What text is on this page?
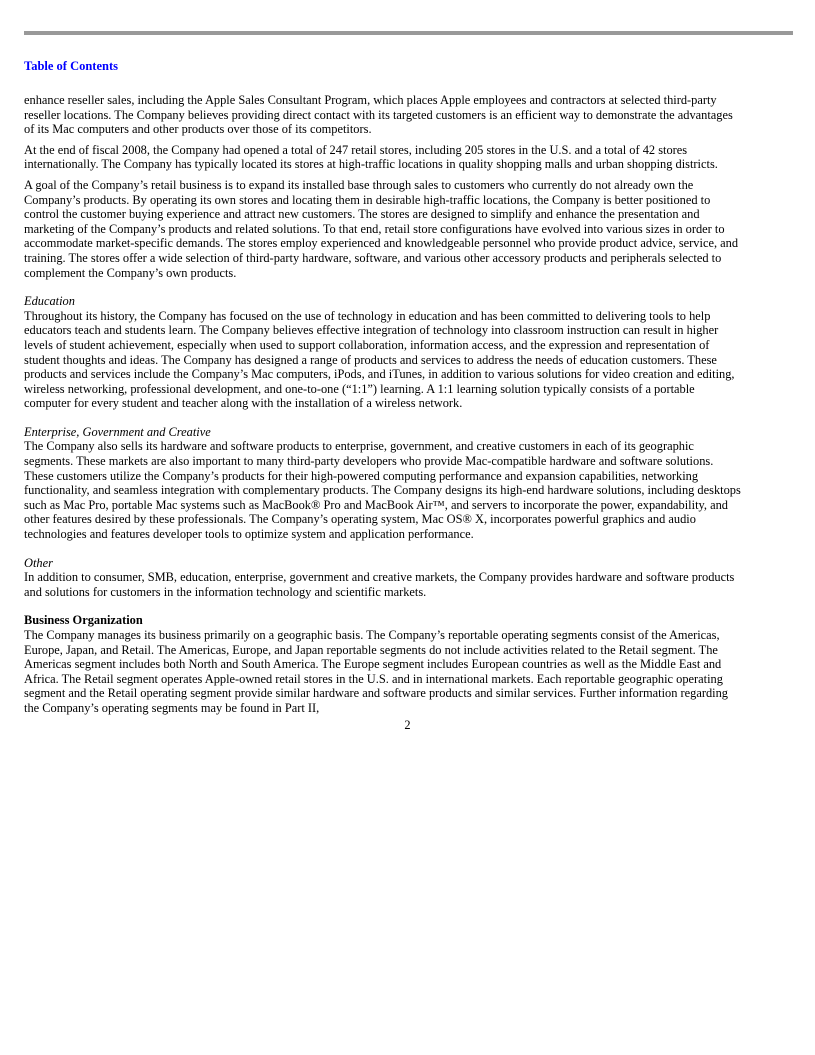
Table of Contents

enhance reseller sales, including the Apple Sales Consultant Program, which places Apple employees and contractors at selected third-party
reseller locations. The Company believes providing direct contact with its targeted customers is an efficient way to demonstrate the advantages
of its Mac computers and other products over those of its competitors.

At the end of fiscal 2008, the Company had opened a total of 247 retail stores, including 205 stores in the U.S. and a total of 42 stores
internationally. The Company has typically located its stores at high-traffic locations in quality shopping malls and urban shopping districts.

A goal of the Company’s retail business is to expand its installed base through sales to customers who currently do not already own the
Company’s products. By operating its own stores and locating them in desirable high-traffic locations, the Company is better positioned to
control the customer buying experience and attract new customers. The stores are designed to simplify and enhance the presentation and
marketing of the Company’s products and related solutions. To that end, retail store configurations have evolved into various sizes in order to
accommodate market-specific demands. The stores employ experienced and knowledgeable personnel who provide product advice, service, and
training. The stores offer a wide selection of third-party hardware, software, and various other accessory products and peripherals selected to
complement the Company’s own products.

Education

Throughout its history, the Company has focused on the use of technology in education and has been committed to delivering tools to help
educators teach and students learn. The Company believes effective integration of technology into classroom instruction can result in higher
levels of student achievement, especially when used to support collaboration, information access, and the expression and representation of
student thoughts and ideas. The Company has designed a range of products and services to address the needs of education customers. These
products and services include the Company’s Mac computers, iPods, and iTunes, in addition to various solutions for video creation and editing,
wireless networking, professional development, and one-to-one (“1:1”) learning. A 1:1 learning solution typically consists of a portable
computer for every student and teacher along with the installation of a wireless network.

Enterprise, Government and Creative

The Company also sells its hardware and software products to enterprise, government, and creative customers in each of its geographic
segments. These markets are also important to many third-party developers who provide Mac-compatible hardware and software solutions.
These customers utilize the Company’s products for their high-powered computing performance and expansion capabilities, networking
functionality, and seamless integration with complementary products. The Company designs its high-end hardware solutions, including desktops
such as Mac Pro, portable Mac systems such as MacBook® Pro and MacBook Air™, and servers to incorporate the power, expandability, and
other features desired by these professionals. The Company’s operating system, Mac OS® X, incorporates powerful graphics and audio
technologies and features developer tools to optimize system and application performance.

Other

In addition to consumer, SMB, education, enterprise, government and creative markets, the Company provides hardware and software products
and solutions for customers in the information technology and scientific markets.

Business Organization

The Company manages its business primarily on a geographic basis. The Company’s reportable operating segments consist of the Americas,
Europe, Japan, and Retail. The Americas, Europe, and Japan reportable segments do not include activities related to the Retail segment. The
Americas segment includes both North and South America. The Europe segment includes European countries as well as the Middle East and
Africa. The Retail segment operates Apple-owned retail stores in the U.S. and in international markets. Each reportable geographic operating
segment and the Retail operating segment provide similar hardware and software products and similar services. Further information regarding
the Company’s operating segments may be found in Part II,

2
